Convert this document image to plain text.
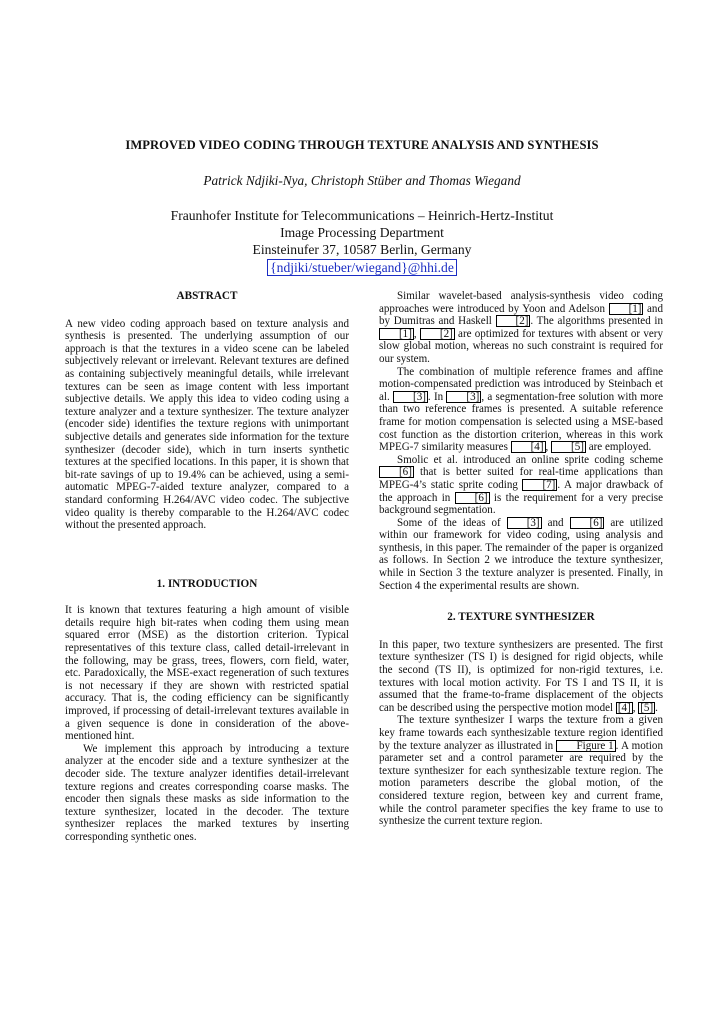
IMPROVED VIDEO CODING THROUGH TEXTURE ANALYSIS AND SYNTHESIS
Patrick Ndjiki-Nya, Christoph Stüber and Thomas Wiegand
Fraunhofer Institute for Telecommunications – Heinrich-Hertz-Institut
Image Processing Department
Einsteinufer 37, 10587 Berlin, Germany
{ndjiki/stueber/wiegand}@hhi.de
ABSTRACT

A new video coding approach based on texture analysis and synthesis is presented. The underlying assumption of our approach is that the textures in a video scene can be labeled subjectively relevant or irrelevant. Relevant textures are defined as containing subjectively meaningful details, while irrelevant textures can be seen as image content with less important subjective details. We apply this idea to video coding using a texture analyzer and a texture synthesizer. The texture analyzer (encoder side) identifies the texture regions with unimportant subjective details and generates side information for the texture synthesizer (decoder side), which in turn inserts synthetic textures at the specified locations. In this paper, it is shown that bit-rate savings of up to 19.4% can be achieved, using a semi-automatic MPEG-7-aided texture analyzer, compared to a standard conforming H.264/AVC video codec. The subjective video quality is thereby comparable to the H.264/AVC codec without the presented approach.

1. INTRODUCTION

It is known that textures featuring a high amount of visible details require high bit-rates when coding them using mean squared error (MSE) as the distortion criterion. Typical representatives of this texture class, called detail-irrelevant in the following, may be grass, trees, flowers, corn field, water, etc. Paradoxically, the MSE-exact regeneration of such textures is not necessary if they are shown with restricted spatial accuracy. That is, the coding efficiency can be significantly improved, if processing of detail-irrelevant textures available in a given sequence is done in consideration of the above-mentioned hint.

We implement this approach by introducing a texture analyzer at the encoder side and a texture synthesizer at the decoder side. The texture analyzer identifies detail-irrelevant texture regions and creates corresponding coarse masks. The encoder then signals these masks as side information to the texture synthesizer, located in the decoder. The texture synthesizer replaces the marked textures by inserting corresponding synthetic ones.

Similar wavelet-based analysis-synthesis video coding approaches were introduced by Yoon and Adelson [1] and by Dumitras and Haskell [2] . The algorithms presented in [1] , [2] are optimized for textures with absent or very slow global motion, whereas no such constraint is required for our system.

The combination of multiple reference frames and affine motion-compensated prediction was introduced by Steinbach et al. [3] . In [3] , a segmentation-free solution with more than two reference frames is presented. A suitable reference frame for motion compensation is selected using a MSE-based cost function as the distortion criterion, whereas in this work MPEG-7 similarity measures [4] , [5] are employed.

Smolic et al. introduced an online sprite coding scheme [6] that is better suited for real-time applications than MPEG-4’s static sprite coding [7] . A major drawback of the approach in [6] is the requirement for a very precise background segmentation.

Some of the ideas of [3] and [6] are utilized within our framework for video coding, using analysis and synthesis, in this paper. The remainder of the paper is organized as follows. In Section 2 we introduce the texture synthesizer, while in Section 3 the texture analyzer is presented. Finally, in Section 4 the experimental results are shown.

2. TEXTURE SYNTHESIZER

In this paper, two texture synthesizers are presented. The first texture synthesizer (TS I) is designed for rigid objects, while the second (TS II), is optimized for non-rigid textures, i.e. textures with local motion activity. For TS I and TS II, it is assumed that the frame-to-frame displacement of the objects can be described using the perspective motion model [4] , [5] .

The texture synthesizer I warps the texture from a given key frame towards each synthesizable texture region identified by the texture analyzer as illustrated in Figure 1 . A motion parameter set and a control parameter are required by the texture synthesizer for each synthesizable texture region. The motion parameters describe the global motion, of the considered texture region, between key and current frame, while the control parameter specifies the key frame to use to synthesize the current texture region.
